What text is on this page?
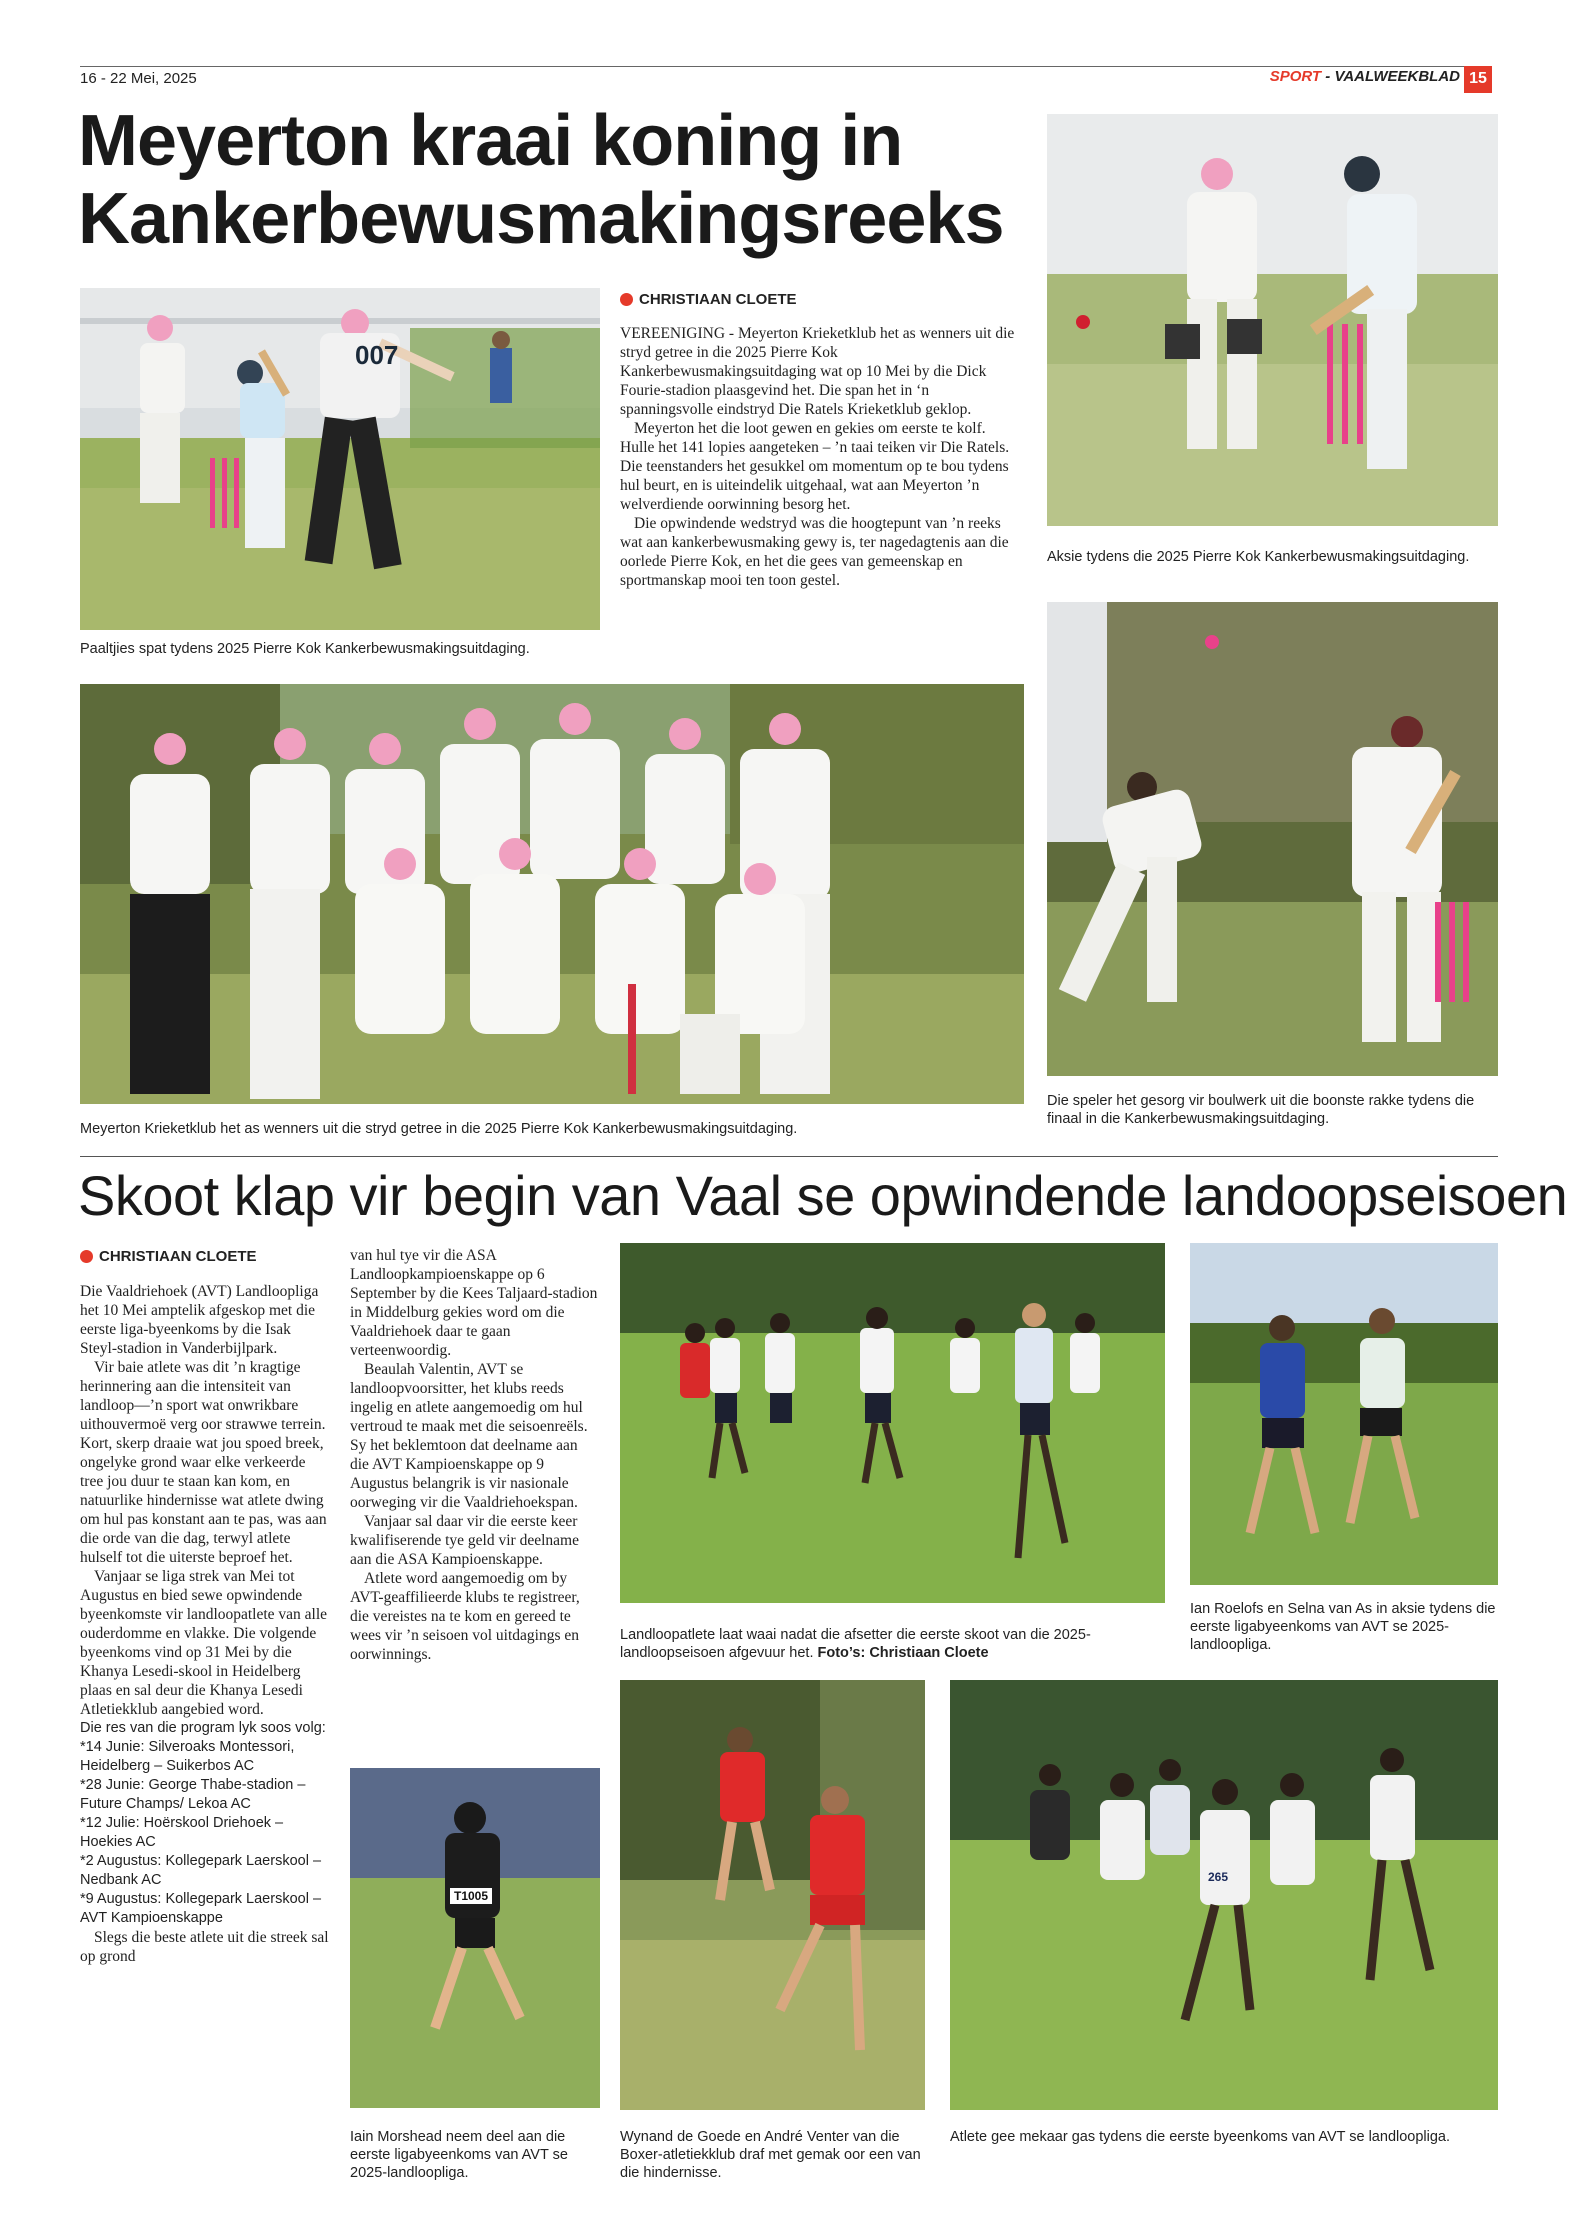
16 - 22 Mei, 2025	SPORT - VAALWEEKBLAD 15
Meyerton kraai koning in
Kankerbewusmakingsreeks
007
Paaltjies spat tydens 2025 Pierre Kok Kankerbewusmakingsuitdaging.
CHRISTIAAN CLOETE

VEREENIGING - Meyerton Krieketklub het as wenners uit die stryd getree in die 2025 Pierre Kok Kankerbewusmakingsuitdaging wat op 10 Mei by die Dick Fourie-stadion plaasgevind het. Die span het in ‘n spanningsvolle eindstryd Die Ratels Krieketklub geklop.

Meyerton het die loot gewen en gekies om eerste te kolf. Hulle het 141 lopies aangeteken – ’n taai teiken vir Die Ratels. Die teenstanders het gesukkel om momentum op te bou tydens hul beurt, en is uiteindelik uitgehaal, wat aan Meyerton ’n welverdiende oorwinning besorg het.

Die opwindende wedstryd was die hoogtepunt van ’n reeks wat aan kankerbewusmaking gewy is, ter nagedagtenis aan die oorlede Pierre Kok, en het die gees van gemeenskap en sportmanskap mooi ten toon gestel.

Aksie tydens die 2025 Pierre Kok Kankerbewusmakingsuitdaging.
Meyerton Krieketklub het as wenners uit die stryd getree in die 2025 Pierre Kok Kankerbewusmakingsuitdaging.
Die speler het gesorg vir boulwerk uit die boonste rakke tydens die finaal in die Kankerbewusmakingsuitdaging.
Skoot klap vir begin van Vaal se opwindende landoopseisoen
CHRISTIAAN CLOETE

Die Vaaldriehoek (AVT) Landloopliga het 10 Mei amptelik afgeskop met die eerste liga-byeenkoms by die Isak Steyl-stadion in Vanderbijlpark.

Vir baie atlete was dit ’n kragtige herinnering aan die intensiteit van landloop—’n sport wat onwrikbare uithouvermoë verg oor strawwe terrein. Kort, skerp draaie wat jou spoed breek, ongelyke grond waar elke verkeerde tree jou duur te staan kan kom, en natuurlike hindernisse wat atlete dwing om hul pas konstant aan te pas, was aan die orde van die dag, terwyl atlete hulself tot die uiterste beproef het.

Vanjaar se liga strek van Mei tot Augustus en bied sewe opwindende byeenkomste vir landloopatlete van alle ouderdomme en vlakke. Die volgende byeenkoms vind op 31 Mei by die Khanya Lesedi-skool in Heidelberg plaas en sal deur die Khanya Lesedi Atletiekklub aangebied word.

Die res van die program lyk soos volg:

*14 Junie: Silveroaks Montessori, Heidelberg – Suikerbos AC

*28 Junie: George Thabe-stadion – Future Champs/ Lekoa AC

*12 Julie: Hoërskool Driehoek – Hoekies AC

*2 Augustus: Kollegepark Laerskool – Nedbank AC

*9 Augustus: Kollegepark Laerskool – AVT Kampioenskappe

Slegs die beste atlete uit die streek sal op grond

van hul tye vir die ASA Landloopkampioenskappe op 6 September by die Kees Taljaard-stadion in Middelburg gekies word om die Vaaldriehoek daar te gaan verteenwoordig.

Beaulah Valentin, AVT se landloopvoorsitter, het klubs reeds ingelig en atlete aangemoedig om hul vertroud te maak met die seisoenreëls. Sy het beklemtoon dat deelname aan die AVT Kampioenskappe op 9 Augustus belangrik is vir nasionale oorweging vir die Vaaldriehoekspan.

Vanjaar sal daar vir die eerste keer kwalifiserende tye geld vir deelname aan die ASA Kampioenskappe.

Atlete word aangemoedig om by AVT-geaffilieerde klubs te registreer, die vereistes na te kom en gereed te wees vir ’n seisoen vol uitdagings en oorwinnings.

Landloopatlete laat waai nadat die afsetter die eerste skoot van die 2025-landloopseisoen afgevuur het. Foto’s: Christiaan Cloete
Ian Roelofs en Selna van As in aksie tydens die eerste ligabyeenkoms van AVT se 2025-landloopliga.
T1005
Iain Morshead neem deel aan die eerste ligabyeenkoms van AVT se 2025-landloopliga.
Wynand de Goede en André Venter van die Boxer-atletiekklub draf met gemak oor een van die hindernisse.
265
Atlete gee mekaar gas tydens die eerste byeenkoms van AVT se landloopliga.
